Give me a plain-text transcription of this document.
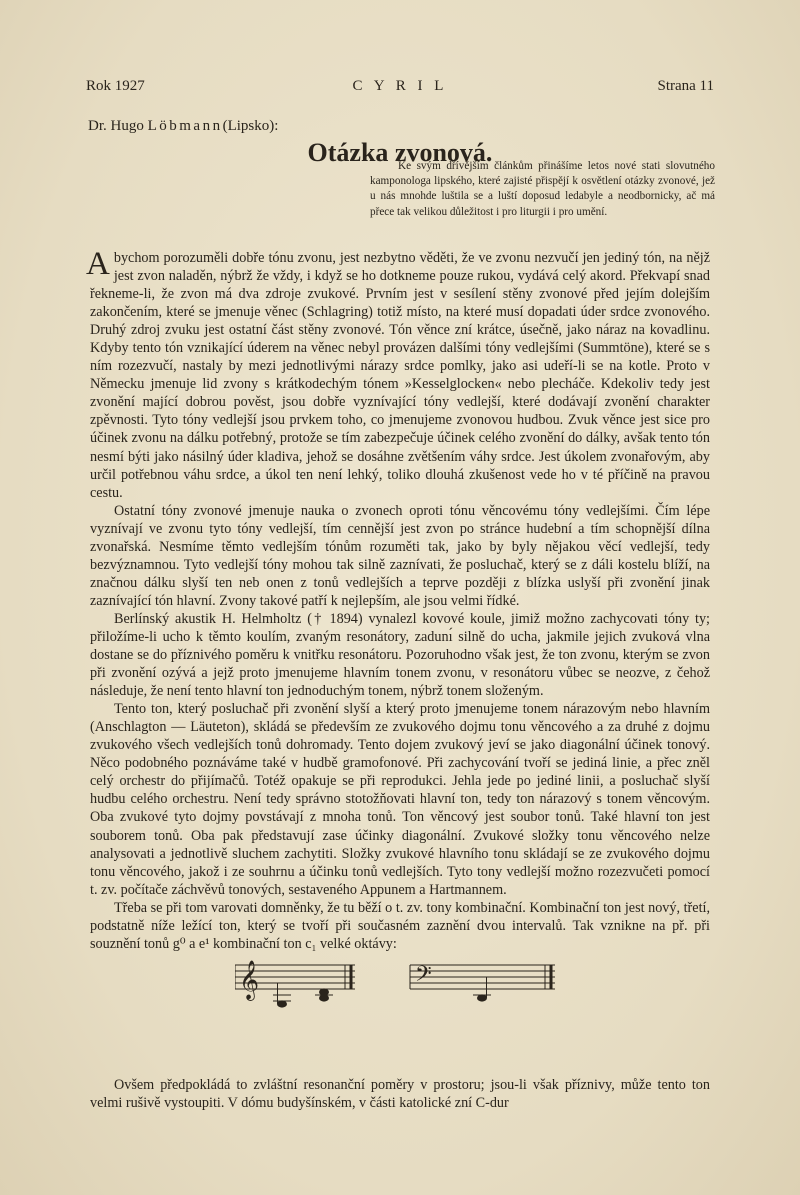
Rok 1927	C Y R I L	Strana 11
Dr. Hugo Löbmann(Lipsko):
Otázka zvonová.
Ke svým dřívějším článkům přinášíme letos nové stati slovutného kamponologa lipského, které zajisté přispějí k osvětlení otázky zvonové, jež u nás mnohde luštila se a luští doposud ledabyle a neodbornicky, ač má přece tak velikou důležitost i pro liturgii i pro umění.

Abychom porozuměli dobře tónu zvonu, jest nezbytno věděti, že ve zvonu nezvučí jen jediný tón, na nějž jest zvon naladěn, nýbrž že vždy, i když se ho dotkneme pouze rukou, vydává celý akord. Překvapí snad řekneme-li, že zvon má dva zdroje zvukové. Prvním jest v sesílení stěny zvonové před jejím dolejším zakončením, které se jmenuje věnec (Schlagring) totiž místo, na které musí dopadati úder srdce zvonového. Druhý zdroj zvuku jest ostatní část stěny zvonové. Tón věnce zní krátce, úsečně, jako náraz na kovadlinu. Kdyby tento tón vznikající úderem na věnec nebyl provázen dalšími tóny vedlejšími (Summtöne), které se s ním rozezvučí, nastaly by mezi jednotlivými nárazy srdce pomlky, jako asi udeří-li se na kotle. Proto v Německu jmenuje lid zvony s krátkodechým tónem »Kesselglocken« nebo plecháče. Kdekoliv tedy jest zvonění mající dobrou pověst, jsou dobře vyznívající tóny vedlejší, které dodávají zvonění charakter zpěvnosti. Tyto tóny vedlejší jsou prvkem toho, co jmenujeme zvonovou hudbou. Zvuk věnce jest sice pro účinek zvonu na dálku potřebný, protože se tím zabezpečuje účinek celého zvonění do dálky, avšak tento tón nesmí býti jako násilný úder kladiva, jehož se dosáhne zvětšením váhy srdce. Jest úkolem zvonařovým, aby určil potřebnou váhu srdce, a úkol ten není lehký, toliko dlouhá zkušenost vede ho v té příčině na pravou cestu.

Ostatní tóny zvonové jmenuje nauka o zvonech oproti tónu věncovému tóny vedlejšími. Čím lépe vyznívají ve zvonu tyto tóny vedlejší, tím cennější jest zvon po stránce hudební a tím schopnější dílna zvonařská. Nesmíme těmto vedlejším tónům rozuměti tak, jako by byly nějakou věcí vedlejší, tedy bezvýznamnou. Tyto vedlejší tóny mohou tak silně zaznívati, že posluchač, který se z dáli kostelu blíží, na značnou dálku slyší ten neb onen z tonů vedlejších a teprve později z blízka uslyší při zvonění jinak zaznívající tón hlavní. Zvony takové patří k nejlepším, ale jsou velmi řídké.

Berlínský akustik H. Helmholtz († 1894) vynalezl kovové koule, jimiž možno zachycovati tóny ty; přiložíme-li ucho k těmto koulím, zvaným resonátory, zadunı́ silně do ucha, jakmile jejich zvuková vlna dostane se do příznivého poměru k vnitřku resonátoru. Pozoruhodno však jest, že ton zvonu, kterým se zvon při zvonění ozývá a jejž proto jmenujeme hlavním tonem zvonu, v resonátoru vůbec se neozve, z čehož následuje, že není tento hlavní ton jednoduchým tonem, nýbrž tonem složeným.

Tento ton, který posluchač při zvonění slyší a který proto jmenujeme tonem nárazovým nebo hlavním (Anschlagton — Läuteton), skládá se především ze zvukového dojmu tonu věncového a za druhé z dojmu zvukového všech vedlejších tonů dohromady. Tento dojem zvukový jeví se jako diagonální účinek tonový. Něco podobného poznáváme také v hudbě gramofonové. Při zachycování tvoří se jediná linie, a přec zněl celý orchestr do přijímačů. Totéž opakuje se při reprodukci. Jehla jede po jediné linii, a posluchač slyší hudbu celého orchestru. Není tedy správno stotožňovati hlavní ton, tedy ton nárazový s tonem věncovým. Oba zvukové tyto dojmy povstávají z mnoha tonů. Ton věncový jest soubor tonů. Také hlavní ton jest souborem tonů. Oba pak představují zase účinky diagonální. Zvukové složky tonu věncového nelze analysovati a jednotlivě sluchem zachytiti. Složky zvukové hlavního tonu skládají se ze zvukového dojmu tonu věncového, jakož i ze souhrnu a účinku tonů vedlejších. Tyto tony vedlejší možno rozezvučeti pomocí t. zv. počítače záchvěvů tonových, sestaveného Appunem a Hartmannem.

Třeba se při tom varovati domněnky, že tu běží o t. zv. tony kombinační. Kombinační ton jest nový, třetí, podstatně níže ležící ton, který se tvoří při současném zaznění dvou intervalů. Tak vznikne na př. při souznění tonů g⁰ a e¹ kombinační ton c₁ velké oktávy:

𝄞	𝄢
Ovšem předpokládá to zvláštní resonanční poměry v prostoru; jsou-li však příznivy, může tento ton velmi rušivě vystoupiti. V dómu budyšínském, v části katolické zní C-dur
